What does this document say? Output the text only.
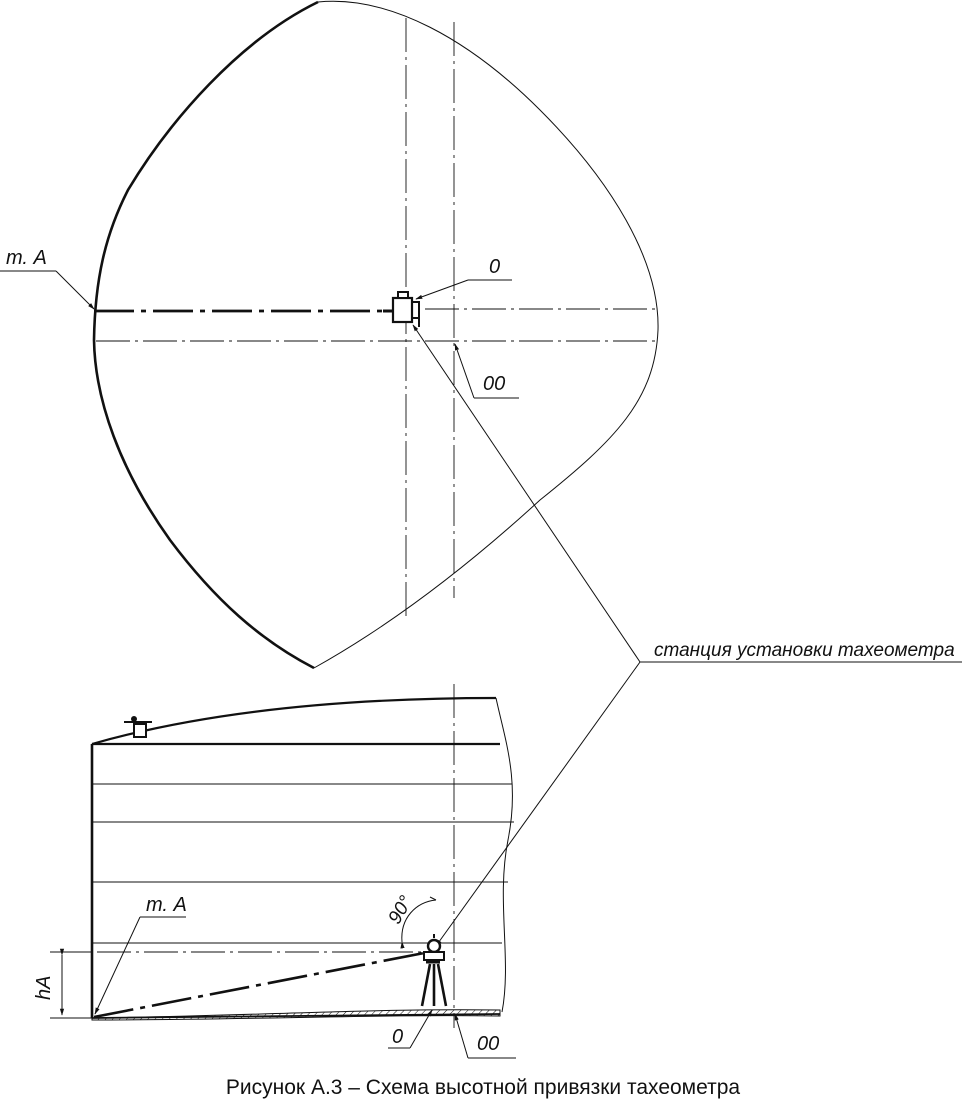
т. А	0
00
станция установки тахеометра
90°
т. А
hA
0	00
Рисунок А.3 – Схема высотной привязки тахеометра
